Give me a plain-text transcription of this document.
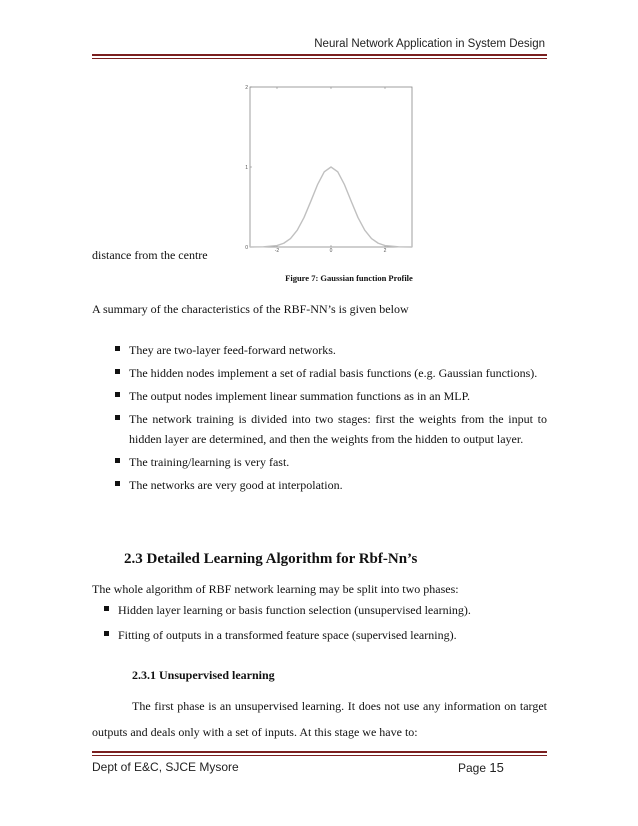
Neural Network Application in System Design
-2	0	2
0
1
2
distance from the centre
Figure 7: Gaussian function Profile
A summary of the characteristics of the RBF-NN’s is given below
They are two-layer feed-forward networks.
The hidden nodes implement a set of radial basis functions (e.g. Gaussian functions).
The output nodes implement linear summation functions as in an MLP.
The network training is divided into two stages: first the weights from the input to hidden layer are determined, and then the weights from the hidden to output layer.
The training/learning is very fast.
The networks are very good at interpolation.
2.3 Detailed Learning Algorithm for Rbf-Nn’s
The whole algorithm of RBF network learning may be split into two phases:
Hidden layer learning or basis function selection (unsupervised learning).
Fitting of outputs in a transformed feature space (supervised learning).
2.3.1 Unsupervised learning
The first phase is an unsupervised learning. It does not use any information on target outputs and deals only with a set of inputs. At this stage we have to:
Dept of E&C, SJCE Mysore	Page 15
